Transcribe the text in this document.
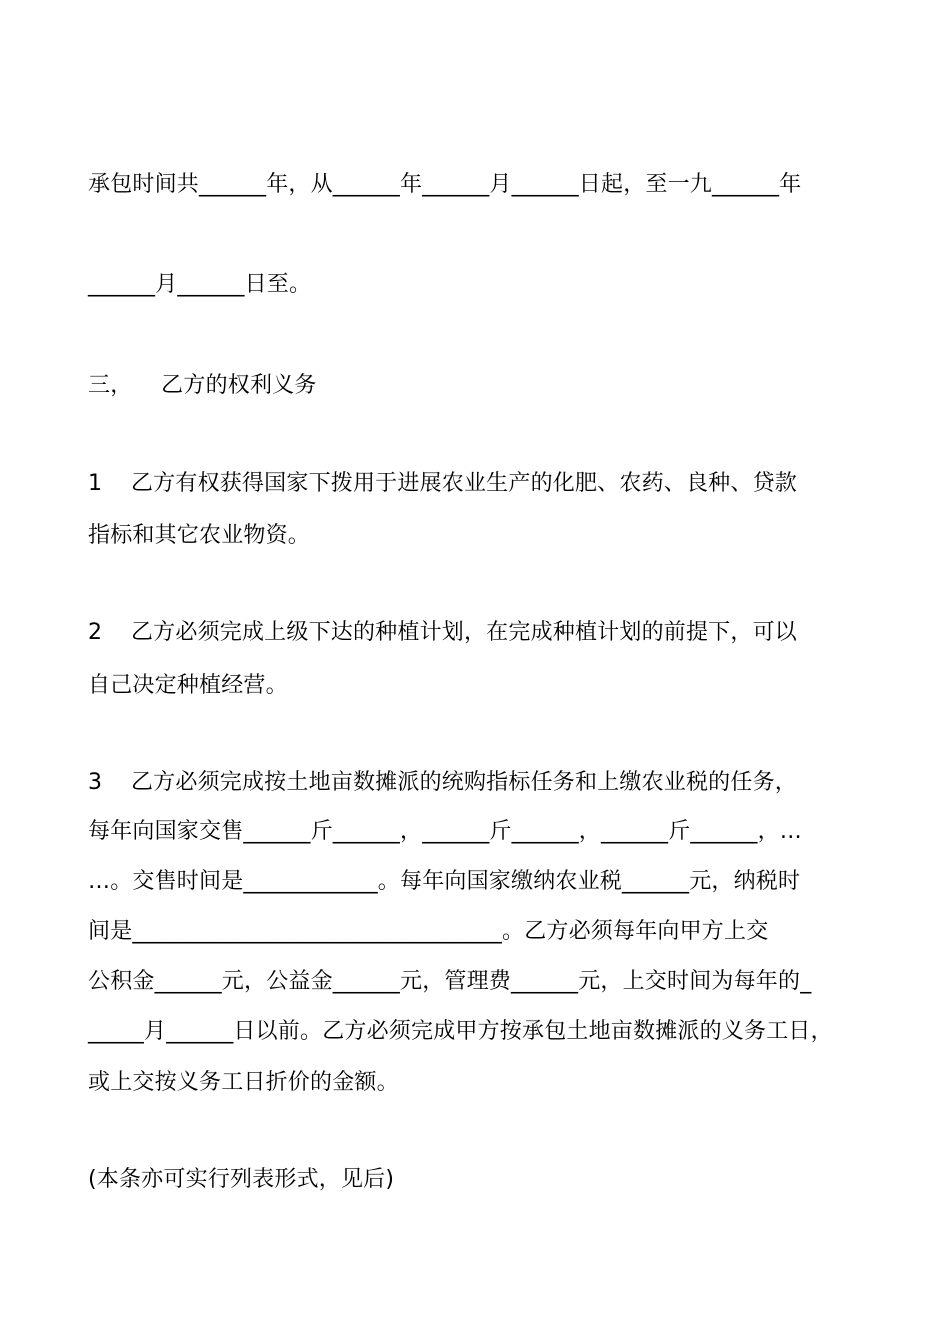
承包时间共______年，从______年______月______日起，至一九______年
______月______日至。
三，    乙方的权利义务
1    乙方有权获得国家下拨用于进展农业生产的化肥、农药、良种、贷款
指标和其它农业物资。
2    乙方必须完成上级下达的种植计划，在完成种植计划的前提下，可以
自己决定种植经营。
3    乙方必须完成按土地亩数摊派的统购指标任务和上缴农业税的任务，
每年向国家交售______斤______，______斤______，______斤______，…
…。交售时间是____________。每年向国家缴纳农业税______元，纳税时
间是_________________________________。乙方必须每年向甲方上交
公积金______元，公益金______元，管理费______元，上交时间为每年的_
_____月______日以前。乙方必须完成甲方按承包土地亩数摊派的义务工日，
或上交按义务工日折价的金额。
(本条亦可实行列表形式，见后)
